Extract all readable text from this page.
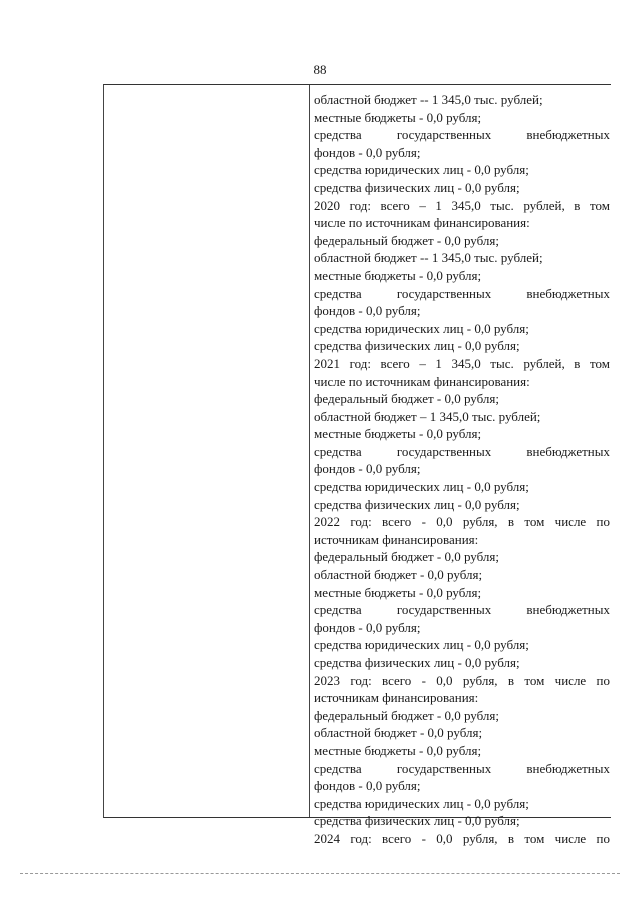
88
областной бюджет -- 1 345,0 тыс. рублей;
местные бюджеты - 0,0 рубля;
средства государственных внебюджетных
фондов - 0,0 рубля;
средства юридических лиц - 0,0 рубля;
средства физических лиц - 0,0 рубля;
2020 год: всего – 1 345,0 тыс. рублей, в том
числе по источникам финансирования:
федеральный бюджет - 0,0 рубля;
областной бюджет -- 1 345,0 тыс. рублей;
местные бюджеты - 0,0 рубля;
средства государственных внебюджетных
фондов - 0,0 рубля;
средства юридических лиц - 0,0 рубля;
средства физических лиц - 0,0 рубля;
2021 год: всего – 1 345,0 тыс. рублей, в том
числе по источникам финансирования:
федеральный бюджет - 0,0 рубля;
областной бюджет – 1 345,0 тыс. рублей;
местные бюджеты - 0,0 рубля;
средства государственных внебюджетных
фондов - 0,0 рубля;
средства юридических лиц - 0,0 рубля;
средства физических лиц - 0,0 рубля;
2022 год: всего - 0,0 рубля, в том числе по
источникам финансирования:
федеральный бюджет - 0,0 рубля;
областной бюджет - 0,0 рубля;
местные бюджеты - 0,0 рубля;
средства государственных внебюджетных
фондов - 0,0 рубля;
средства юридических лиц - 0,0 рубля;
средства физических лиц - 0,0 рубля;
2023 год: всего - 0,0 рубля, в том числе по
источникам финансирования:
федеральный бюджет - 0,0 рубля;
областной бюджет - 0,0 рубля;
местные бюджеты - 0,0 рубля;
средства государственных внебюджетных
фондов - 0,0 рубля;
средства юридических лиц - 0,0 рубля;
средства физических лиц - 0,0 рубля;
2024 год: всего - 0,0 рубля, в том числе по
